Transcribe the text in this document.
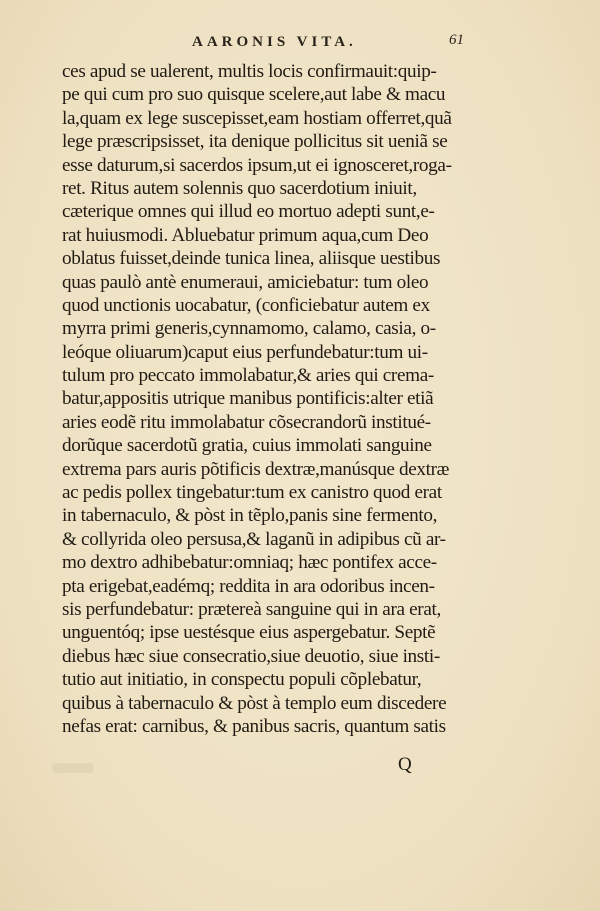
AARONIS VITA.	61
ces apud se ualerent, multis locis confirmauit:quip-
pe qui cum pro suo quisque scelere,aut labe & macu
la,quam ex lege suscepisset,eam hostiam offerret,quã
lege præscripsisset, ita denique pollicitus sit ueniã se
esse daturum,si sacerdos ipsum,ut ei ignosceret,roga-
ret. Ritus autem solennis quo sacerdotium iniuit,
cæterique omnes qui illud eo mortuo adepti sunt,e-
rat huiusmodi. Abluebatur primum aqua,cum Deo
oblatus fuisset,deinde tunica linea, aliisque uestibus
quas paulò antè enumeraui, amiciebatur: tum oleo
quod unctionis uocabatur, (conficiebatur autem ex
myrra primi generis,cynnamomo, calamo, casia, o-
leóque oliuarum)caput eius perfundebatur:tum ui-
tulum pro peccato immolabatur,& aries qui crema-
batur,appositis utrique manibus pontificis:alter etiã
aries eodẽ ritu immolabatur cõsecrandorũ institué-
dorũque sacerdotũ gratia, cuius immolati sanguine
extrema pars auris põtificis dextræ,manúsque dextræ
ac pedis pollex tingebatur:tum ex canistro quod erat
in tabernaculo, & pòst in tẽplo,panis sine fermento,
& collyrida oleo persusa,& laganũ in adipibus cũ ar-
mo dextro adhibebatur:omniaq; hæc pontifex acce-
pta erigebat,eadémq; reddita in ara odoribus incen-
sis perfundebatur: prætereà sanguine qui in ara erat,
unguentóq; ipse uestésque eius aspergebatur. Septẽ
diebus hæc siue consecratio,siue deuotio, siue insti-
tutio aut initiatio, in conspectu populi cõplebatur,
quibus à tabernaculo & pòst à templo eum discedere
nefas erat: carnibus, & panibus sacris, quantum satis
Q
